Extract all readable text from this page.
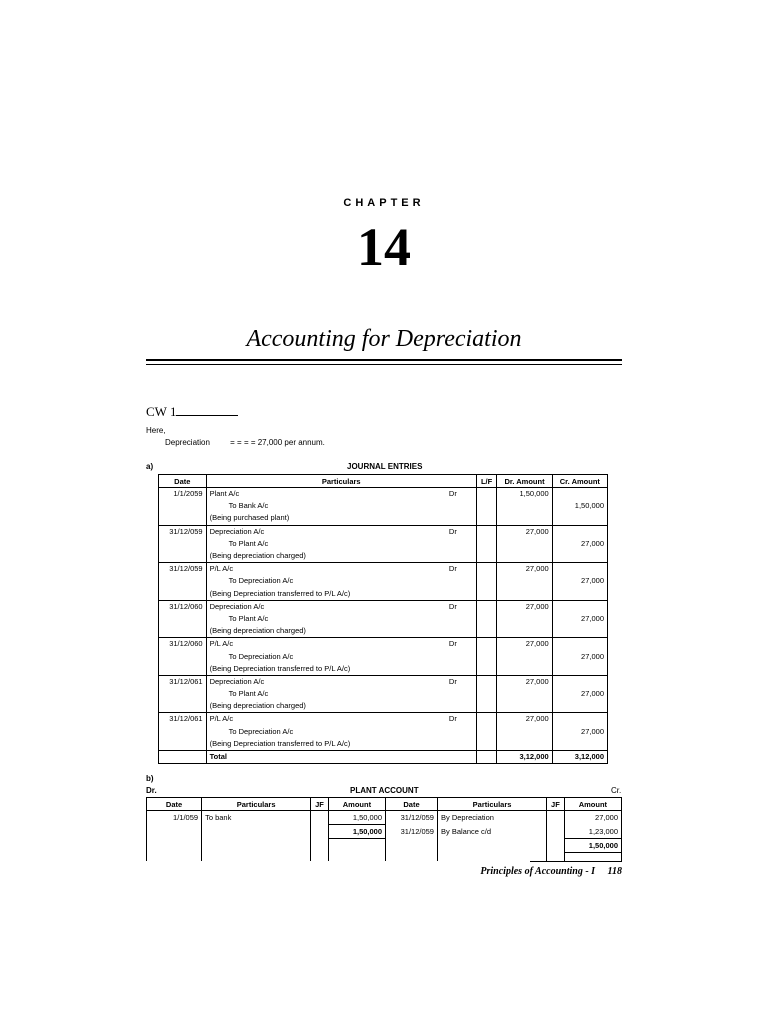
CHAPTER
14
Accounting for Depreciation
CW 1
Here,
Depreciation	= = = = 27,000 per annum.
a)	JOURNAL ENTRIES
Date	Particulars	L/F	Dr. Amount	Cr. Amount
1/1/2059	Plant A/c Dr		1,50,000	
	To Bank A/c			1,50,000
	(Being purchased plant)			
31/12/059	Depreciation A/c Dr		27,000	
	To Plant A/c			27,000
	(Being depreciation charged)			
31/12/059	P/L A/c Dr		27,000	
	To Depreciation A/c			27,000
	(Being Depreciation transferred to P/L A/c)			
31/12/060	Depreciation A/c Dr		27,000	
	To Plant A/c			27,000
	(Being depreciation charged)			
31/12/060	P/L A/c Dr		27,000	
	To Depreciation A/c			27,000
	(Being Depreciation transferred to P/L A/c)			
31/12/061	Depreciation A/c Dr		27,000	
	To Plant A/c			27,000
	(Being depreciation charged)			
31/12/061	P/L A/c Dr		27,000	
	To Depreciation A/c			27,000
	(Being Depreciation transferred to P/L A/c)			
	Total		3,12,000	3,12,000
b)
Dr.	PLANT ACCOUNT	Cr.
Date	Particulars	JF	Amount	Date	Particulars	JF	Amount
1/1/059	To bank		1,50,000	31/12/059	By Depreciation		27,000
			1,50,000	31/12/059	By Balance c/d		1,23,000
							1,50,000

Principles of Accounting - I 118
